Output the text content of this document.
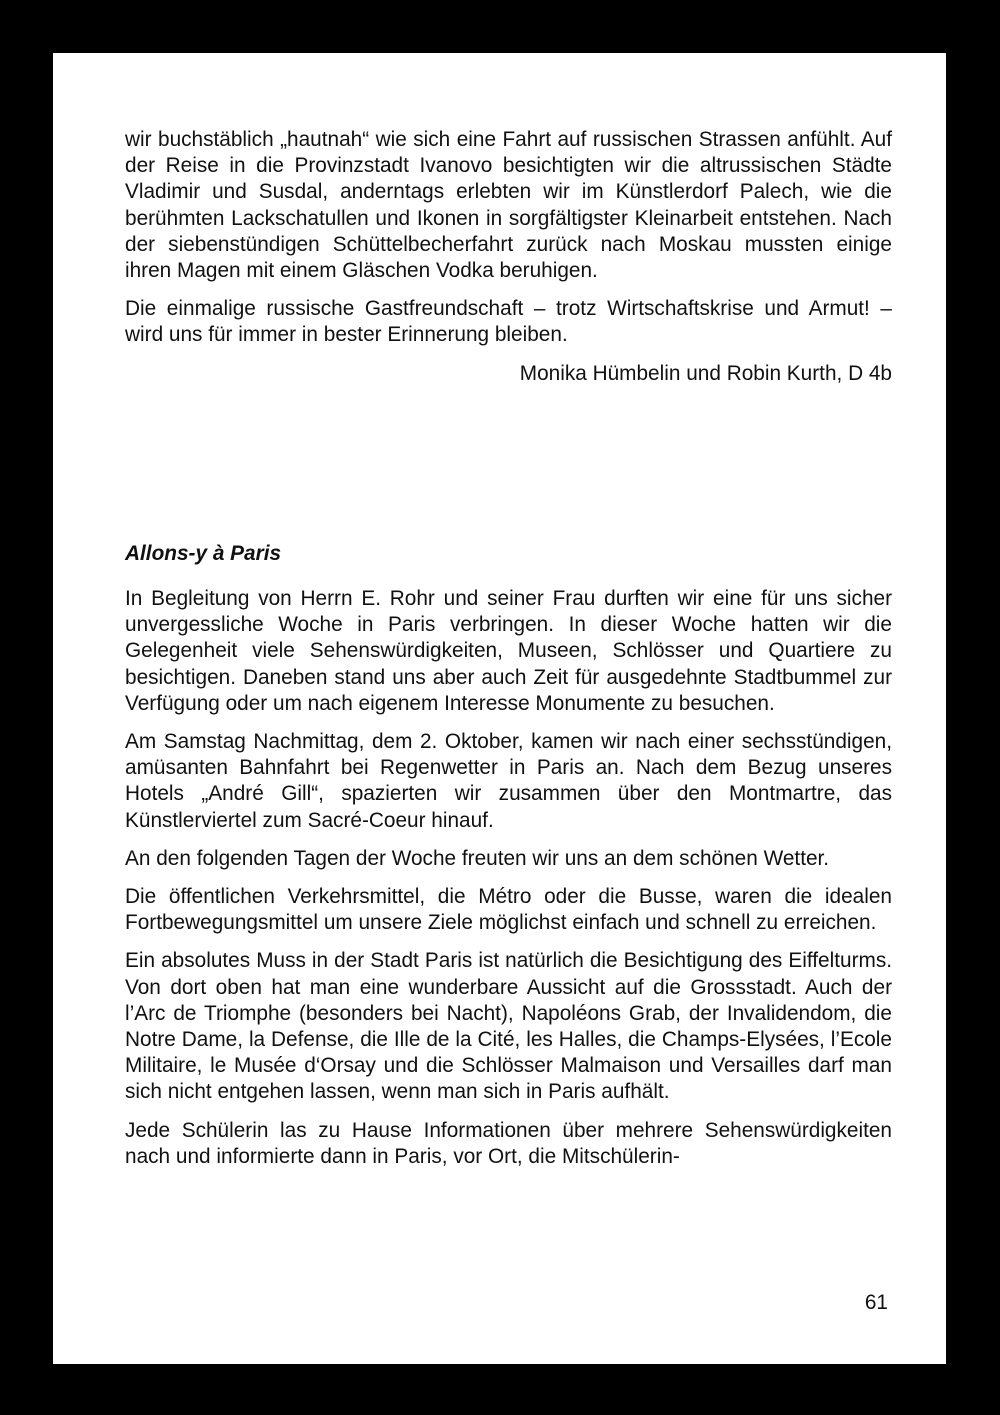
wir buchstäblich „hautnah“ wie sich eine Fahrt auf russischen Strassen anfühlt. Auf der Reise in die Provinzstadt Ivanovo besichtigten wir die altrussischen Städte Vladimir und Susdal, anderntags erlebten wir im Künstlerdorf Palech, wie die berühmten Lackschatullen und Ikonen in sorgfältigster Kleinarbeit entstehen. Nach der siebenstündigen Schüttelbecherfahrt zurück nach Moskau mussten einige ihren Magen mit einem Gläschen Vodka beruhigen.

Die einmalige russische Gastfreundschaft – trotz Wirtschaftskrise und Armut! – wird uns für immer in bester Erinnerung bleiben.

Monika Hümbelin und Robin Kurth, D 4b

Allons-y à Paris

In Begleitung von Herrn E. Rohr und seiner Frau durften wir eine für uns sicher unvergessliche Woche in Paris verbringen. In dieser Woche hatten wir die Gelegenheit viele Sehenswürdigkeiten, Museen, Schlösser und Quartiere zu besichtigen. Daneben stand uns aber auch Zeit für ausgedehnte Stadtbummel zur Verfügung oder um nach eigenem Interesse Monumente zu besuchen.

Am Samstag Nachmittag, dem 2. Oktober, kamen wir nach einer sechsstündigen, amüsanten Bahnfahrt bei Regenwetter in Paris an. Nach dem Bezug unseres Hotels „André Gill“, spazierten wir zusammen über den Montmartre, das Künstlerviertel zum Sacré-Coeur hinauf.

An den folgenden Tagen der Woche freuten wir uns an dem schönen Wetter.

Die öffentlichen Verkehrsmittel, die Métro oder die Busse, waren die idealen Fortbewegungsmittel um unsere Ziele möglichst einfach und schnell zu erreichen.

Ein absolutes Muss in der Stadt Paris ist natürlich die Besichtigung des Eiffelturms. Von dort oben hat man eine wunderbare Aussicht auf die Grossstadt. Auch der l’Arc de Triomphe (besonders bei Nacht), Napoléons Grab, der Invalidendom, die Notre Dame, la Defense, die Ille de la Cité, les Halles, die Champs-Elysées, l’Ecole Militaire, le Musée d‘Orsay und die Schlösser Malmaison und Versailles darf man sich nicht entgehen lassen, wenn man sich in Paris aufhält.

Jede Schülerin las zu Hause Informationen über mehrere Sehenswürdigkeiten nach und informierte dann in Paris, vor Ort, die Mitschülerin-

61
